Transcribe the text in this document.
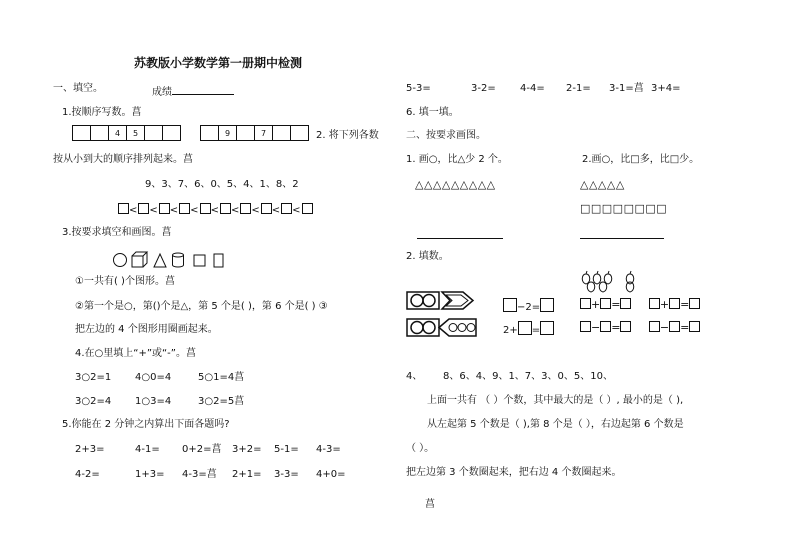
苏教版小学数学第一册期中检测
一、填空。	成绩
1.按顺序写数。菖
4	5	9	7	2. 将下列各数
按从小到大的顺序排列起来。菖
9、3、7、6、0、5、4、1、8、2
< < < < < < < < <
3.按要求填空和画图。菖
①一共有( )个图形。菖
②第一个是○，第()个是△，第 5 个是( )，第 6 个是( ) ③
把左边的 4 个图形用圈画起来。
4.在○里填上“+”或“-”。菖
3○2=1 4○0=4	5○1=4菖
3○2=4 1○3=4	3○2=5菖
5.你能在 2 分钟之内算出下面各题吗?
2+3=	4-1= 0+2=菖 3+2= 5-1= 4-3=
4-2=	1+3= 4-3=菖 2+1= 3-3= 4+0=
5-3=	3-2= 4-4= 2-1= 3-1=菖 3+4=
6. 填一填。
二、按要求画图。
1. 画○，比△少 2 个。	2.画○，比□多，比□少。
△△△△△△△△△	△△△△△
□□□□□□□□
2. 填数。
−2=
2+ =
+ =	+ =
− =	− =
4、 8、6、4、9、1、7、3、0、5、10、
上面一共有 （ ）个数，其中最大的是（ ）, 最小的是（ ),
从左起第 5 个数是（ ),第 8 个是（ ），右边起第 6 个数是
（ ）。
把左边第 3 个数圈起来，把右边 4 个数圈起来。
菖
